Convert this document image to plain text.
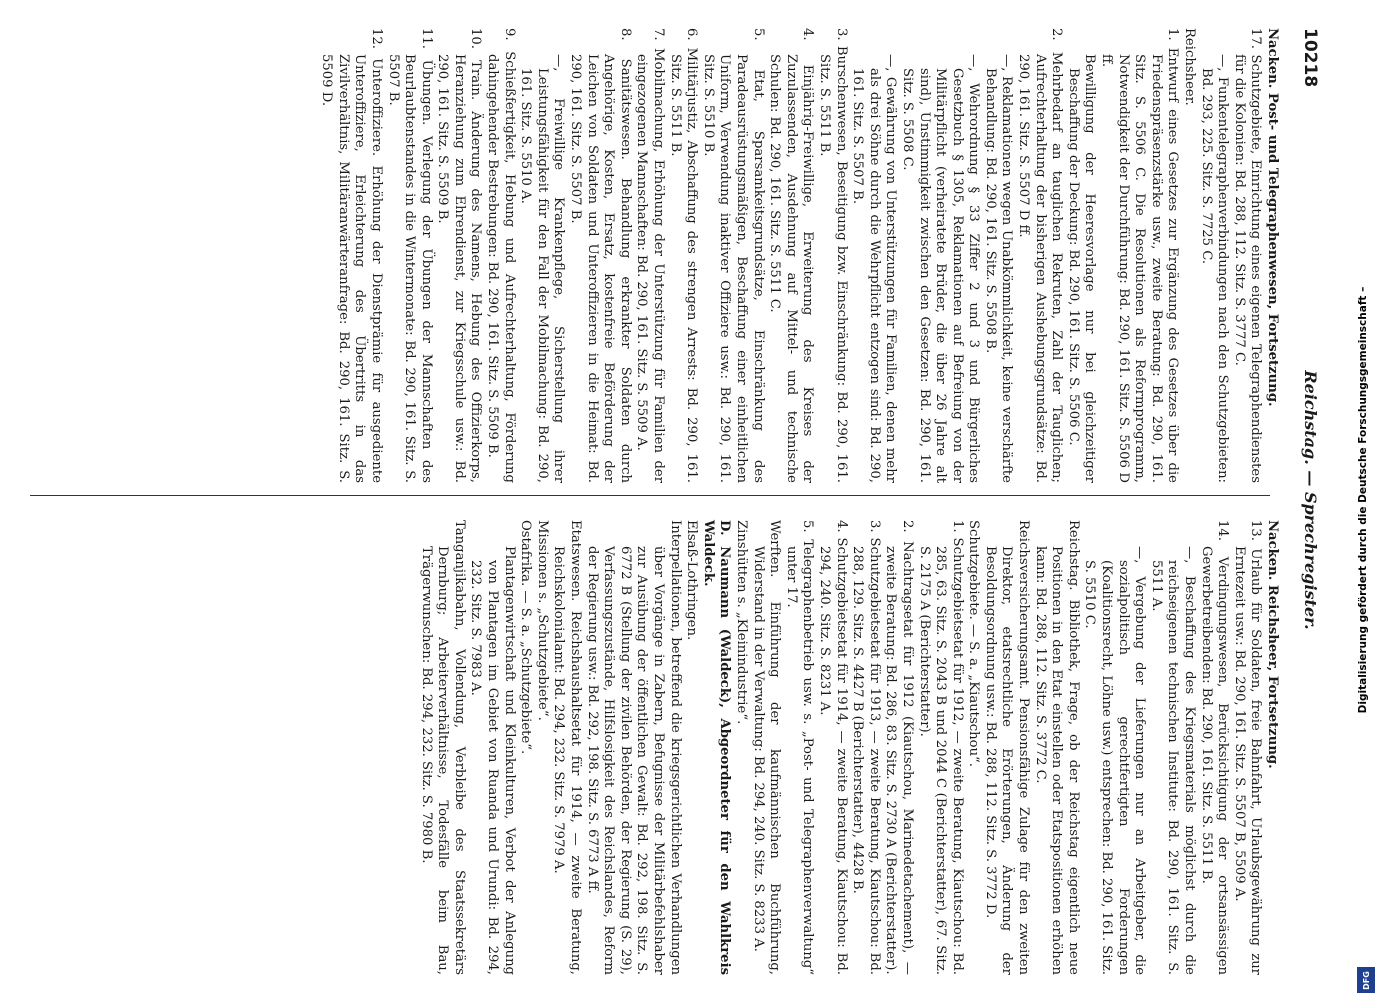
10218
Reichstag. — Sprechregister.

Nacken. Post- und Telegraphenwesen, Fortsetzung.

17. Schutzgebiete, Einrichtung eines eigenen Telegraphendienstes für die Kolonien: Bd. 288, 112. Sitz. S. 3777 C.

—, Funkentelegraphenverbindungen nach den Schutzgebieten: Bd. 293, 225. Sitz. S. 7725 C.

Reichsheer.

1. Entwurf eines Gesetzes zur Ergänzung des Gesetzes über die Friedenspräsenzstärke usw., zweite Beratung: Bd. 290, 161. Sitz. S. 5506 C. Die Resolutionen als Reformprogramm, Notwendigkeit der Durchführung: Bd. 290, 161. Sitz. S. 5506 D ff.

Bewilligung der Heeresvorlage nur bei gleichzeitiger Beschaffung der Deckung: Bd. 290, 161. Sitz. S. 5506 C.

2. Mehrbedarf an tauglichen Rekruten, Zahl der Tauglichen; Aufrechterhaltung der bisherigen Aushebungsgrundsätze: Bd. 290, 161. Sitz. S. 5507 D ff.

—, Reklamationen wegen Unabkömmlichkeit, keine verschärfte Behandlung: Bd. 290, 161. Sitz. S. 5508 B.

—, Wehrordnung § 33 Ziffer 2 und 3 und Bürgerliches Gesetzbuch § 1305, Reklamationen auf Befreiung von der Militärpflicht (verheiratete Brüder, die über 26 Jahre alt sind), Unstimmigkeit zwischen den Gesetzen: Bd. 290, 161. Sitz. S. 5508 C.

—, Gewährung von Unterstützungen für Familien, denen mehr als drei Söhne durch die Wehrpflicht entzogen sind: Bd. 290, 161. Sitz. S. 5507 B.

3. Burschenwesen, Beseitigung bzw. Einschränkung: Bd. 290, 161. Sitz. S. 5511 B.

4. Einjährig-Freiwillige, Erweiterung des Kreises der Zuzulassenden, Ausdehnung auf Mittel- und technische Schulen: Bd. 290, 161. Sitz. S. 5511 C.

5. Etat, Sparsamkeitsgrundsätze, Einschränkung des Paradeausrüstungsmäßigen, Beschaffung einer einheitlichen Uniform, Verwendung inaktiver Offiziere usw.: Bd. 290, 161. Sitz. S. 5510 B.

6. Militärjustiz, Abschaffung des strengen Arrests: Bd. 290, 161. Sitz. S. 5511 B.

7. Mobilmachung, Erhöhung der Unterstützung für Familien der eingezogenen Mannschaften: Bd. 290, 161. Sitz. S. 5509 A.

8. Sanitätswesen. Behandlung erkrankter Soldaten durch Angehörige, Kosten, Ersatz, kostenfreie Beförderung der Leichen von Soldaten und Unteroffizieren in die Heimat: Bd. 290, 161. Sitz. S. 5507 B.

—, Freiwillige Krankenpflege, Sicherstellung ihrer Leistungsfähigkeit für den Fall der Mobilmachung: Bd. 290, 161. Sitz. S. 5510 A.

9. Schießfertigkeit, Hebung und Aufrechterhaltung, Förderung dahingehender Bestrebungen: Bd. 290, 161. Sitz. S. 5509 B.

10. Train. Änderung des Namens, Hebung des Offizierkorps, Heranziehung zum Ehrendienst, zur Kriegsschule usw.: Bd. 290, 161. Sitz. S. 5509 B.

11. Übungen. Verlegung der Übungen der Mannschaften des Beurlaubtenstandes in die Wintermonate: Bd. 290, 161. Sitz. S. 5507 B.

12. Unteroffiziere. Erhöhung der Dienstprämie für ausgediente Unteroffiziere, Erleichterung des Übertritts in das Zivilverhältnis, Militäranwärteranfrage: Bd. 290, 161. Sitz. S. 5509 D.

Nacken. Reichsheer, Fortsetzung.

13. Urlaub für Soldaten, freie Bahnfahrt, Urlaubsgewährung zur Erntezeit usw.: Bd. 290, 161. Sitz. S. 5507 B, 5509 A.

14. Verdingungswesen, Berücksichtigung der ortsansässigen Gewerbetreibenden: Bd. 290, 161. Sitz. S. 5511 B.

—, Beschaffung des Kriegsmaterials möglichst durch die reichseigenen technischen Institute: Bd. 290, 161. Sitz. S. 5511 A.

—, Vergebung der Lieferungen nur an Arbeitgeber, die sozialpolitisch gerechtfertigten Forderungen (Koalitionsrecht, Löhne usw.) entsprechen: Bd. 290, 161. Sitz. S. 5510 C.

Reichstag. Bibliothek, Frage, ob der Reichstag eigentlich neue Positionen in den Etat einstellen oder Etatspositionen erhöhen kann: Bd. 288, 112. Sitz. S. 3772 C.

Reichsversicherungsamt. Pensionsfähige Zulage für den zweiten Direktor, etatsrechtliche Erörterungen, Änderung der Besoldungsordnung usw.: Bd. 288, 112. Sitz. S. 3772 D.

Schutzgebiete. — S. a. „Kiautschou“.

1. Schutzgebietsetat für 1912, — zweite Beratung, Kiautschou: Bd. 285, 63. Sitz. S. 2043 B und 2044 C (Berichterstatter), 67. Sitz. S. 2175 A (Berichterstatter).

2. Nachtragsetat für 1912 (Kiautschou, Marinedetachement), — zweite Beratung: Bd. 286, 83. Sitz. S. 2730 A (Berichterstatter).

3. Schutzgebietsetat für 1913, — zweite Beratung, Kiautschou: Bd. 288, 129. Sitz. S. 4427 B (Berichterstatter), 4428 B.

4. Schutzgebietsetat für 1914, — zweite Beratung, Kiautschou: Bd. 294, 240. Sitz. S. 8231 A.

5. Telegraphenbetrieb usw. s. „Post- und Telegraphenverwaltung“ unter 17.

Werften. Einführung der kaufmännischen Buchführung, Widerstand in der Verwaltung: Bd. 294, 240. Sitz. S. 8233 A.

Zinshütten s. „Kleinindustrie“.

D. Naumann (Waldeck), Abgeordneter für den Wahlkreis Waldeck.

Elsaß-Lothringen.

Interpellationen, betreffend die kriegsgerichtlichen Verhandlungen über Vorgänge in Zabern, Befugnisse der Militärbefehlshaber zur Ausübung der öffentlichen Gewalt: Bd. 292, 198. Sitz. S. 6772 B (Stellung der zivilen Behörden, der Regierung (S. 29), Verfassungszustände, Hilfslosigkeit des Reichslandes, Reform der Regierung usw.: Bd. 292, 198. Sitz. S. 6773 A ff.

Etatswesen. Reichshaushaltsetat für 1914, — zweite Beratung, Reichskolonialamt: Bd. 294, 232. Sitz. S. 7979 A.

Missionen s. „Schutzgebiete“.

Ostafrika. — S. a. „Schutzgebiete“.

Plantagenwirtschaft und Kleinkulturen, Verbot der Anlegung von Plantagen im Gebiet von Ruanda und Urundi: Bd. 294, 232. Sitz. S. 7983 A.

Tanganjikabahn, Vollendung, Verbleibe des Staatssekretärs Dernburg; Arbeiterverhältnisse, Todesfälle beim Bau, Trägerwunschen: Bd. 294, 232. Sitz. S. 7980 B.	Digitalisierung gefördert durch die Deutsche Forschungsgemeinschaft –
DFG
